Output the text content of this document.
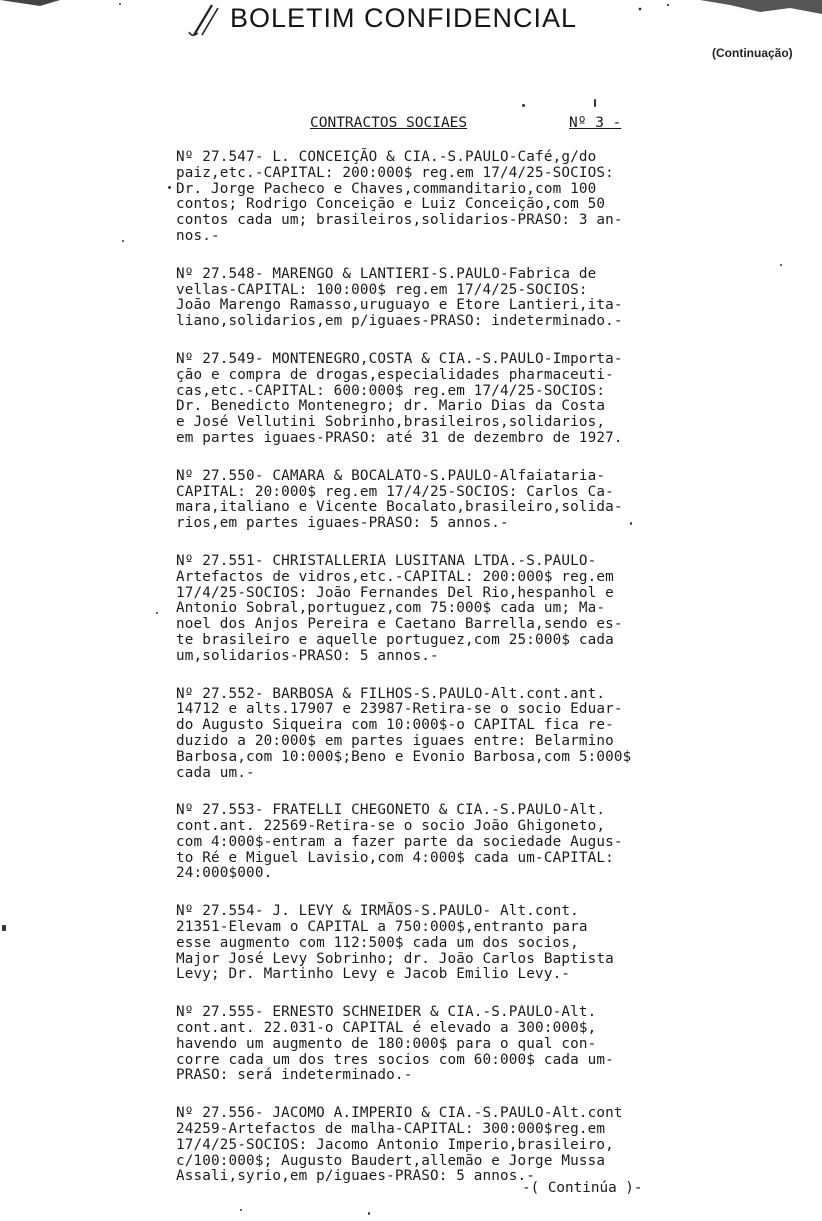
BOLETIM CONFIDENCIAL
(Continuação)
CONTRACTOS SOCIAES	Nº 3 -
Nº 27.547- L. CONCEIÇÃO & CIA.-S.PAULO-Café,g/do
paiz,etc.-CAPITAL: 200:000$ reg.em 17/4/25-SOCIOS:
Dr. Jorge Pacheco e Chaves,commanditario,com 100
contos; Rodrigo Conceição e Luiz Conceição,com 50
contos cada um; brasileiros,solidarios-PRASO: 3 an-
nos.-
Nº 27.548- MARENGO & LANTIERI-S.PAULO-Fabrica de
vellas-CAPITAL: 100:000$ reg.em 17/4/25-SOCIOS:
João Marengo Ramasso,uruguayo e Etore Lantieri,ita-
liano,solidarios,em p/iguaes-PRASO: indeterminado.-
Nº 27.549- MONTENEGRO,COSTA & CIA.-S.PAULO-Importa-
ção e compra de drogas,especialidades pharmaceuti-
cas,etc.-CAPITAL: 600:000$ reg.em 17/4/25-SOCIOS:
Dr. Benedicto Montenegro; dr. Mario Dias da Costa
e José Vellutini Sobrinho,brasileiros,solidarios,
em partes iguaes-PRASO: até 31 de dezembro de 1927.
Nº 27.550- CAMARA & BOCALATO-S.PAULO-Alfaiataria-
CAPITAL: 20:000$ reg.em 17/4/25-SOCIOS: Carlos Ca-
mara,italiano e Vicente Bocalato,brasileiro,solida-
rios,em partes iguaes-PRASO: 5 annos.-
Nº 27.551- CHRISTALLERIA LUSITANA LTDA.-S.PAULO-
Artefactos de vidros,etc.-CAPITAL: 200:000$ reg.em
17/4/25-SOCIOS: João Fernandes Del Rio,hespanhol e
Antonio Sobral,portuguez,com 75:000$ cada um; Ma-
noel dos Anjos Pereira e Caetano Barrella,sendo es-
te brasileiro e aquelle portuguez,com 25:000$ cada
um,solidarios-PRASO: 5 annos.-
Nº 27.552- BARBOSA & FILHOS-S.PAULO-Alt.cont.ant.
14712 e alts.17907 e 23987-Retira-se o socio Eduar-
do Augusto Siqueira com 10:000$-o CAPITAL fica re-
duzido a 20:000$ em partes iguaes entre: Belarmino
Barbosa,com 10:000$;Beno e Evonio Barbosa,com 5:000$
cada um.-
Nº 27.553- FRATELLI CHEGONETO & CIA.-S.PAULO-Alt.
cont.ant. 22569-Retira-se o socio João Ghigoneto,
com 4:000$-entram a fazer parte da sociedade Augus-
to Ré e Miguel Lavisio,com 4:000$ cada um-CAPITAL:
24:000$000.
Nº 27.554- J. LEVY & IRMÃOS-S.PAULO- Alt.cont.
21351-Elevam o CAPITAL a 750:000$,entranto para
esse augmento com 112:500$ cada um dos socios,
Major José Levy Sobrinho; dr. João Carlos Baptista
Levy; Dr. Martinho Levy e Jacob Emilio Levy.-
Nº 27.555- ERNESTO SCHNEIDER & CIA.-S.PAULO-Alt.
cont.ant. 22.031-o CAPITAL é elevado a 300:000$,
havendo um augmento de 180:000$ para o qual con-
corre cada um dos tres socios com 60:000$ cada um-
PRASO: será indeterminado.-
Nº 27.556- JACOMO A.IMPERIO & CIA.-S.PAULO-Alt.cont
24259-Artefactos de malha-CAPITAL: 300:000$reg.em
17/4/25-SOCIOS: Jacomo Antonio Imperio,brasileiro,
c/100:000$; Augusto Baudert,allemão e Jorge Mussa
Assali,syrio,em p/iguaes-PRASO: 5 annos.-
-( Continúa )-
